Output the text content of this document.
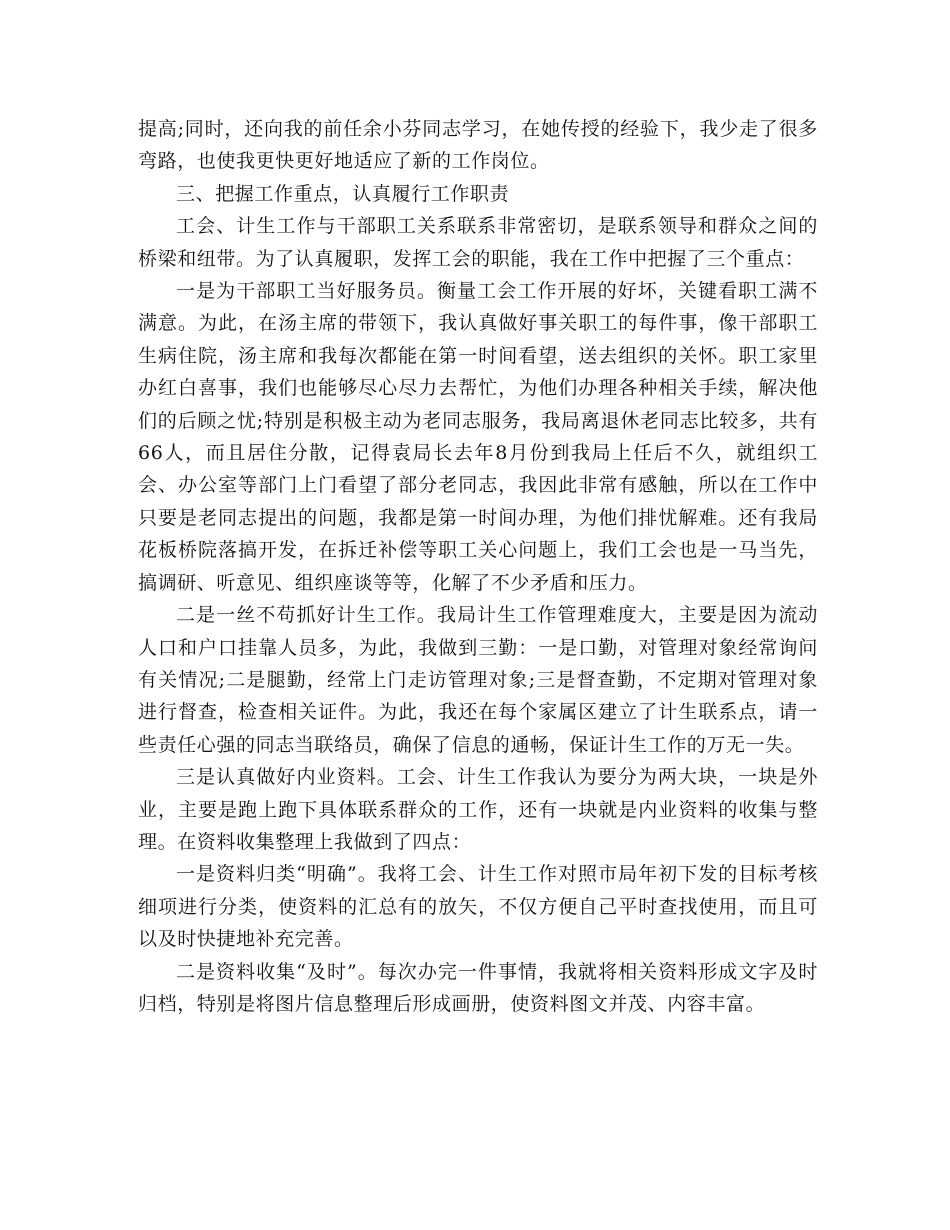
提高;同时，还向我的前任余小芬同志学习，在她传授的经验下，我少走了很多弯路，也使我更快更好地适应了新的工作岗位。

三、把握工作重点，认真履行工作职责

工会、计生工作与干部职工关系联系非常密切，是联系领导和群众之间的桥梁和纽带。为了认真履职，发挥工会的职能，我在工作中把握了三个重点：

一是为干部职工当好服务员。衡量工会工作开展的好坏，关键看职工满不满意。为此，在汤主席的带领下，我认真做好事关职工的每件事，像干部职工生病住院，汤主席和我每次都能在第一时间看望，送去组织的关怀。职工家里办红白喜事，我们也能够尽心尽力去帮忙，为他们办理各种相关手续，解决他们的后顾之忧;特别是积极主动为老同志服务，我局离退休老同志比较多，共有66人，而且居住分散，记得袁局长去年8月份到我局上任后不久，就组织工会、办公室等部门上门看望了部分老同志，我因此非常有感触，所以在工作中只要是老同志提出的问题，我都是第一时间办理，为他们排忧解难。还有我局花板桥院落搞开发，在拆迁补偿等职工关心问题上，我们工会也是一马当先，搞调研、听意见、组织座谈等等，化解了不少矛盾和压力。

二是一丝不苟抓好计生工作。我局计生工作管理难度大，主要是因为流动人口和户口挂靠人员多，为此，我做到三勤：一是口勤，对管理对象经常询问有关情况;二是腿勤，经常上门走访管理对象;三是督查勤，不定期对管理对象进行督查，检查相关证件。为此，我还在每个家属区建立了计生联系点，请一些责任心强的同志当联络员，确保了信息的通畅，保证计生工作的万无一失。

三是认真做好内业资料。工会、计生工作我认为要分为两大块，一块是外业，主要是跑上跑下具体联系群众的工作，还有一块就是内业资料的收集与整理。在资料收集整理上我做到了四点：

一是资料归类“明确”。我将工会、计生工作对照市局年初下发的目标考核细项进行分类，使资料的汇总有的放矢，不仅方便自己平时查找使用，而且可以及时快捷地补充完善。

二是资料收集“及时”。每次办完一件事情，我就将相关资料形成文字及时归档，特别是将图片信息整理后形成画册，使资料图文并茂、内容丰富。
